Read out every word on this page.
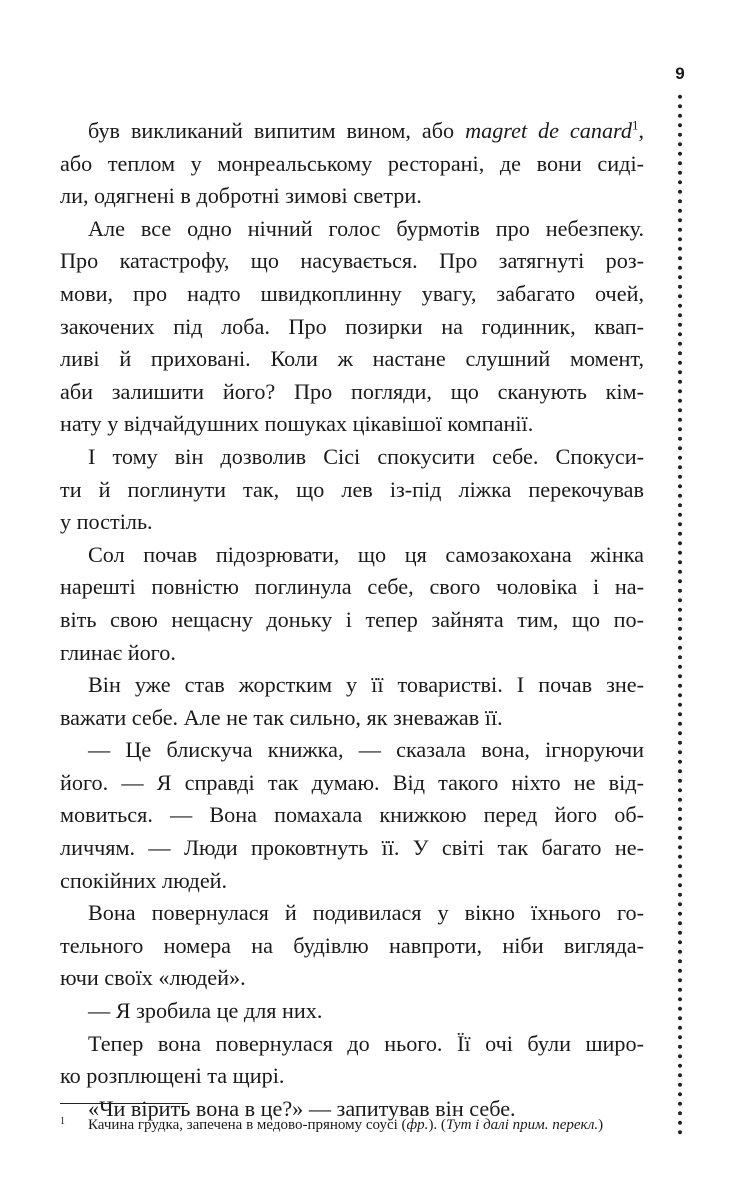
9
був викликаний випитим вином, або magret de canard$^1$,
або теплом у монреальському ресторані, де вони сиді-
ли, одягнені в добротні зимові светри.
Але все одно нічний голос бурмотів про небезпеку.
Про катастрофу, що насувається. Про затягнуті роз-
мови, про надто швидкоплинну увагу, забагато очей,
закочених під лоба. Про позирки на годинник, квап-
ливі й приховані. Коли ж настане слушний момент,
аби залишити його? Про погляди, що сканують кім-
нату у відчайдушних пошуках цікавішої компанії.
І тому він дозволив Сісі спокусити себе. Спокуси-
ти й поглинути так, що лев із-під ліжка перекочував
у постіль.
Сол почав підозрювати, що ця самозакохана жінка
нарешті повністю поглинула себе, свого чоловіка і на-
віть свою нещасну доньку і тепер зайнята тим, що по-
глинає його.
Він уже став жорстким у її товаристві. І почав зне-
важати себе. Але не так сильно, як зневажав її.
— Це блискуча книжка, — сказала вона, ігноруючи
його. — Я справді так думаю. Від такого ніхто не від-
мовиться. — Вона помахала книжкою перед його об-
личчям. — Люди проковтнуть її. У світі так багато не-
спокійних людей.
Вона повернулася й подивилася у вікно їхнього го-
тельного номера на будівлю навпроти, ніби вигляда-
ючи своїх «людей».
— Я зробила це для них.
Тепер вона повернулася до нього. Її очі були широ-
ко розплющені та щирі.
«Чи вірить вона в це?» — запитував він себе.
1 Качина грудка, запечена в медово-пряному соусі (фр.). (Тут і далі прим. перекл.)
